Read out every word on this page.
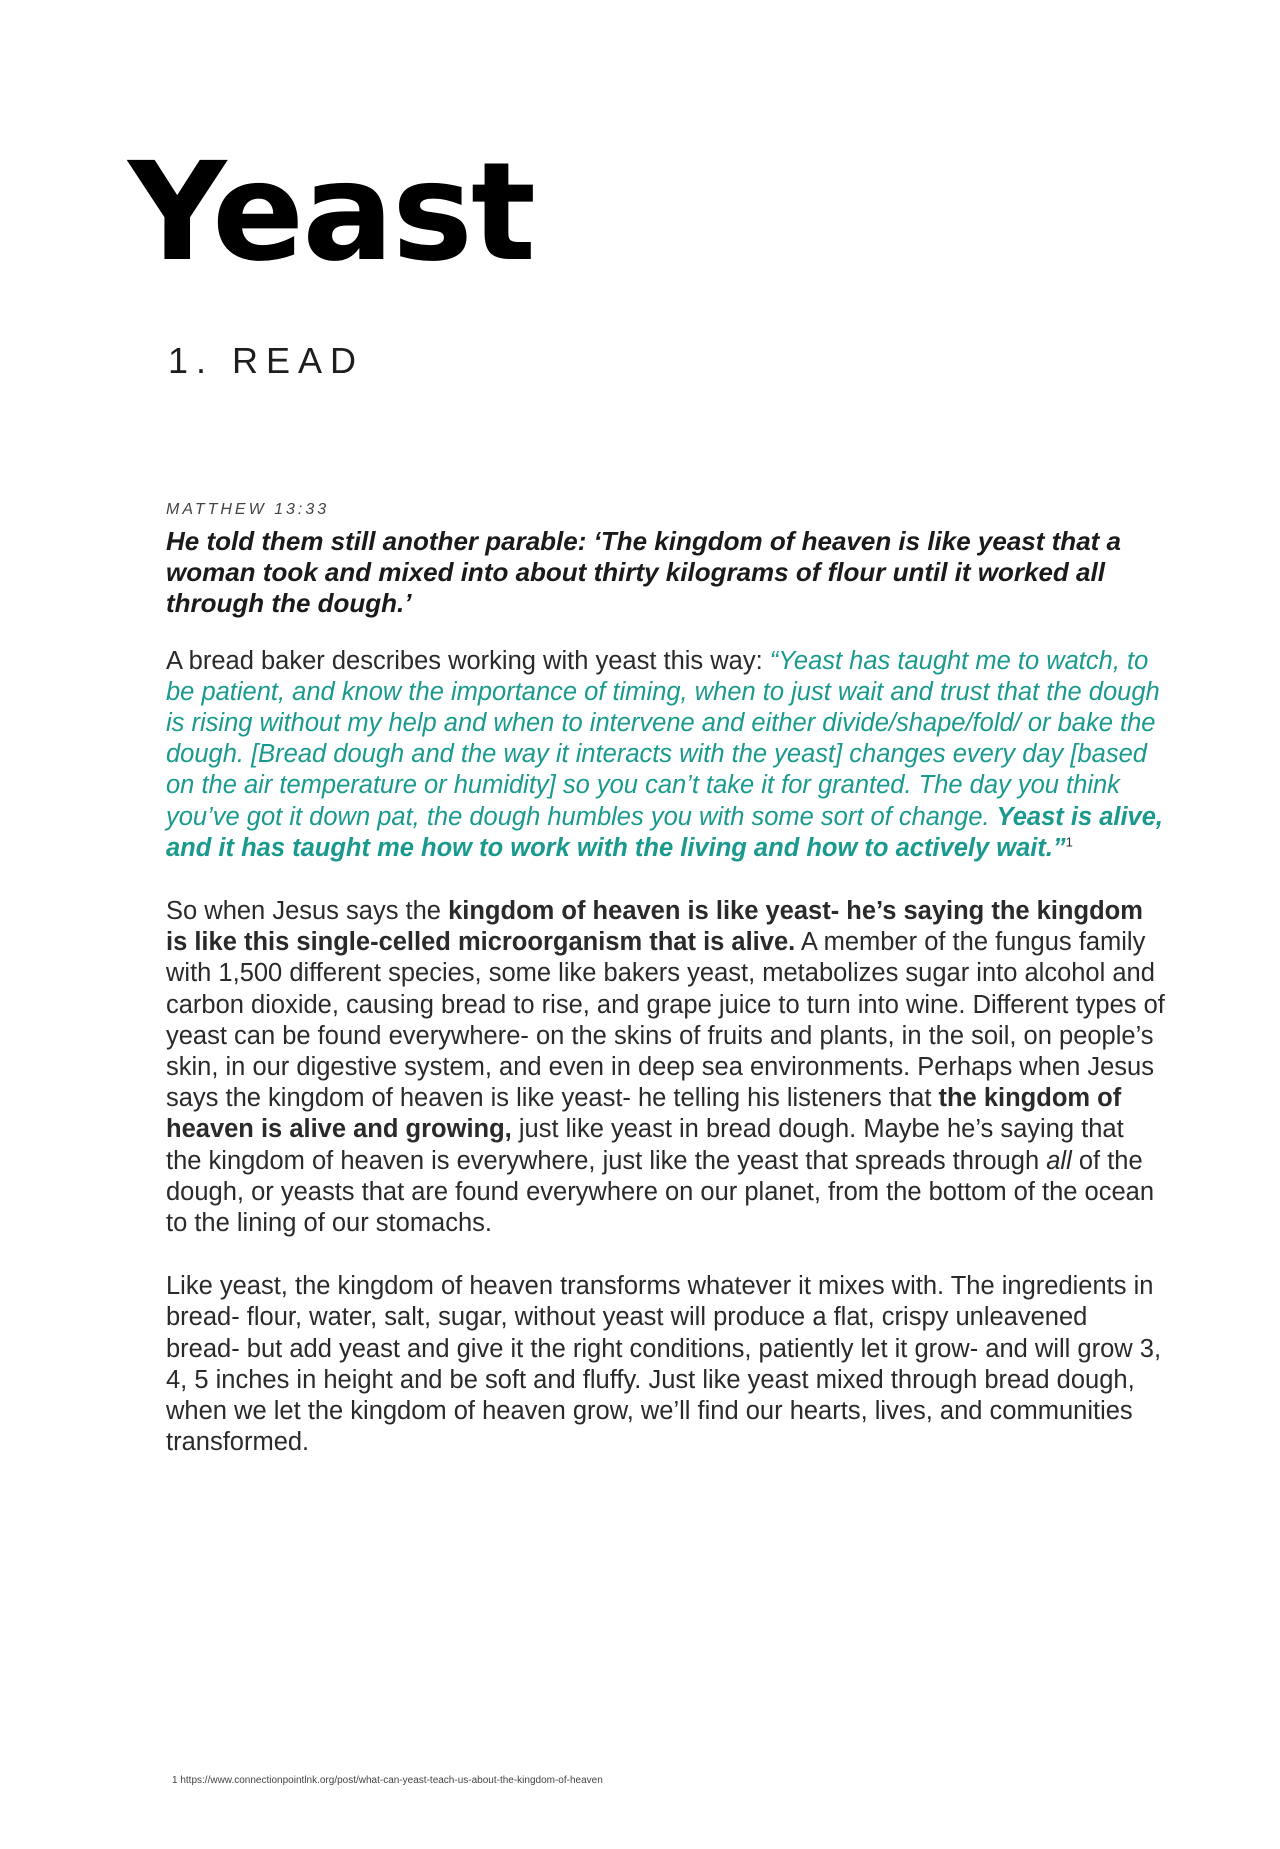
Yeast
1. READ
MATTHEW 13:33

He told them still another parable: ‘The kingdom of heaven is like yeast that a woman took and mixed into about thirty kilograms of flour until it worked all through the dough.’

A bread baker describes working with yeast this way: “Yeast has taught me to watch, to be patient, and know the importance of timing, when to just wait and trust that the dough is rising without my help and when to intervene and either divide/shape/fold/ or bake the dough. [Bread dough and the way it interacts with the yeast] changes every day [based on the air temperature or humidity] so you can’t take it for granted. The day you think you’ve got it down pat, the dough humbles you with some sort of change. Yeast is alive, and it has taught me how to work with the living and how to actively wait.”$^1$

So when Jesus says the kingdom of heaven is like yeast- he’s saying the kingdom is like this single-celled microorganism that is alive. A member of the fungus family with 1,500 different species, some like bakers yeast, metabolizes sugar into alcohol and carbon dioxide, causing bread to rise, and grape juice to turn into wine. Different types of yeast can be found everywhere- on the skins of fruits and plants, in the soil, on people’s skin, in our digestive system, and even in deep sea environments. Perhaps when Jesus says the kingdom of heaven is like yeast- he telling his listeners that the kingdom of heaven is alive and growing, just like yeast in bread dough. Maybe he’s saying that the kingdom of heaven is everywhere, just like the yeast that spreads through all of the dough, or yeasts that are found everywhere on our planet, from the bottom of the ocean to the lining of our stomachs.

Like yeast, the kingdom of heaven transforms whatever it mixes with. The ingredients in bread- flour, water, salt, sugar, without yeast will produce a flat, crispy unleavened bread- but add yeast and give it the right conditions, patiently let it grow- and will grow 3, 4, 5 inches in height and be soft and fluffy. Just like yeast mixed through bread dough, when we let the kingdom of heaven grow, we’ll find our hearts, lives, and communities transformed.

1 https://www.connectionpointlnk.org/post/what-can-yeast-teach-us-about-the-kingdom-of-heaven
